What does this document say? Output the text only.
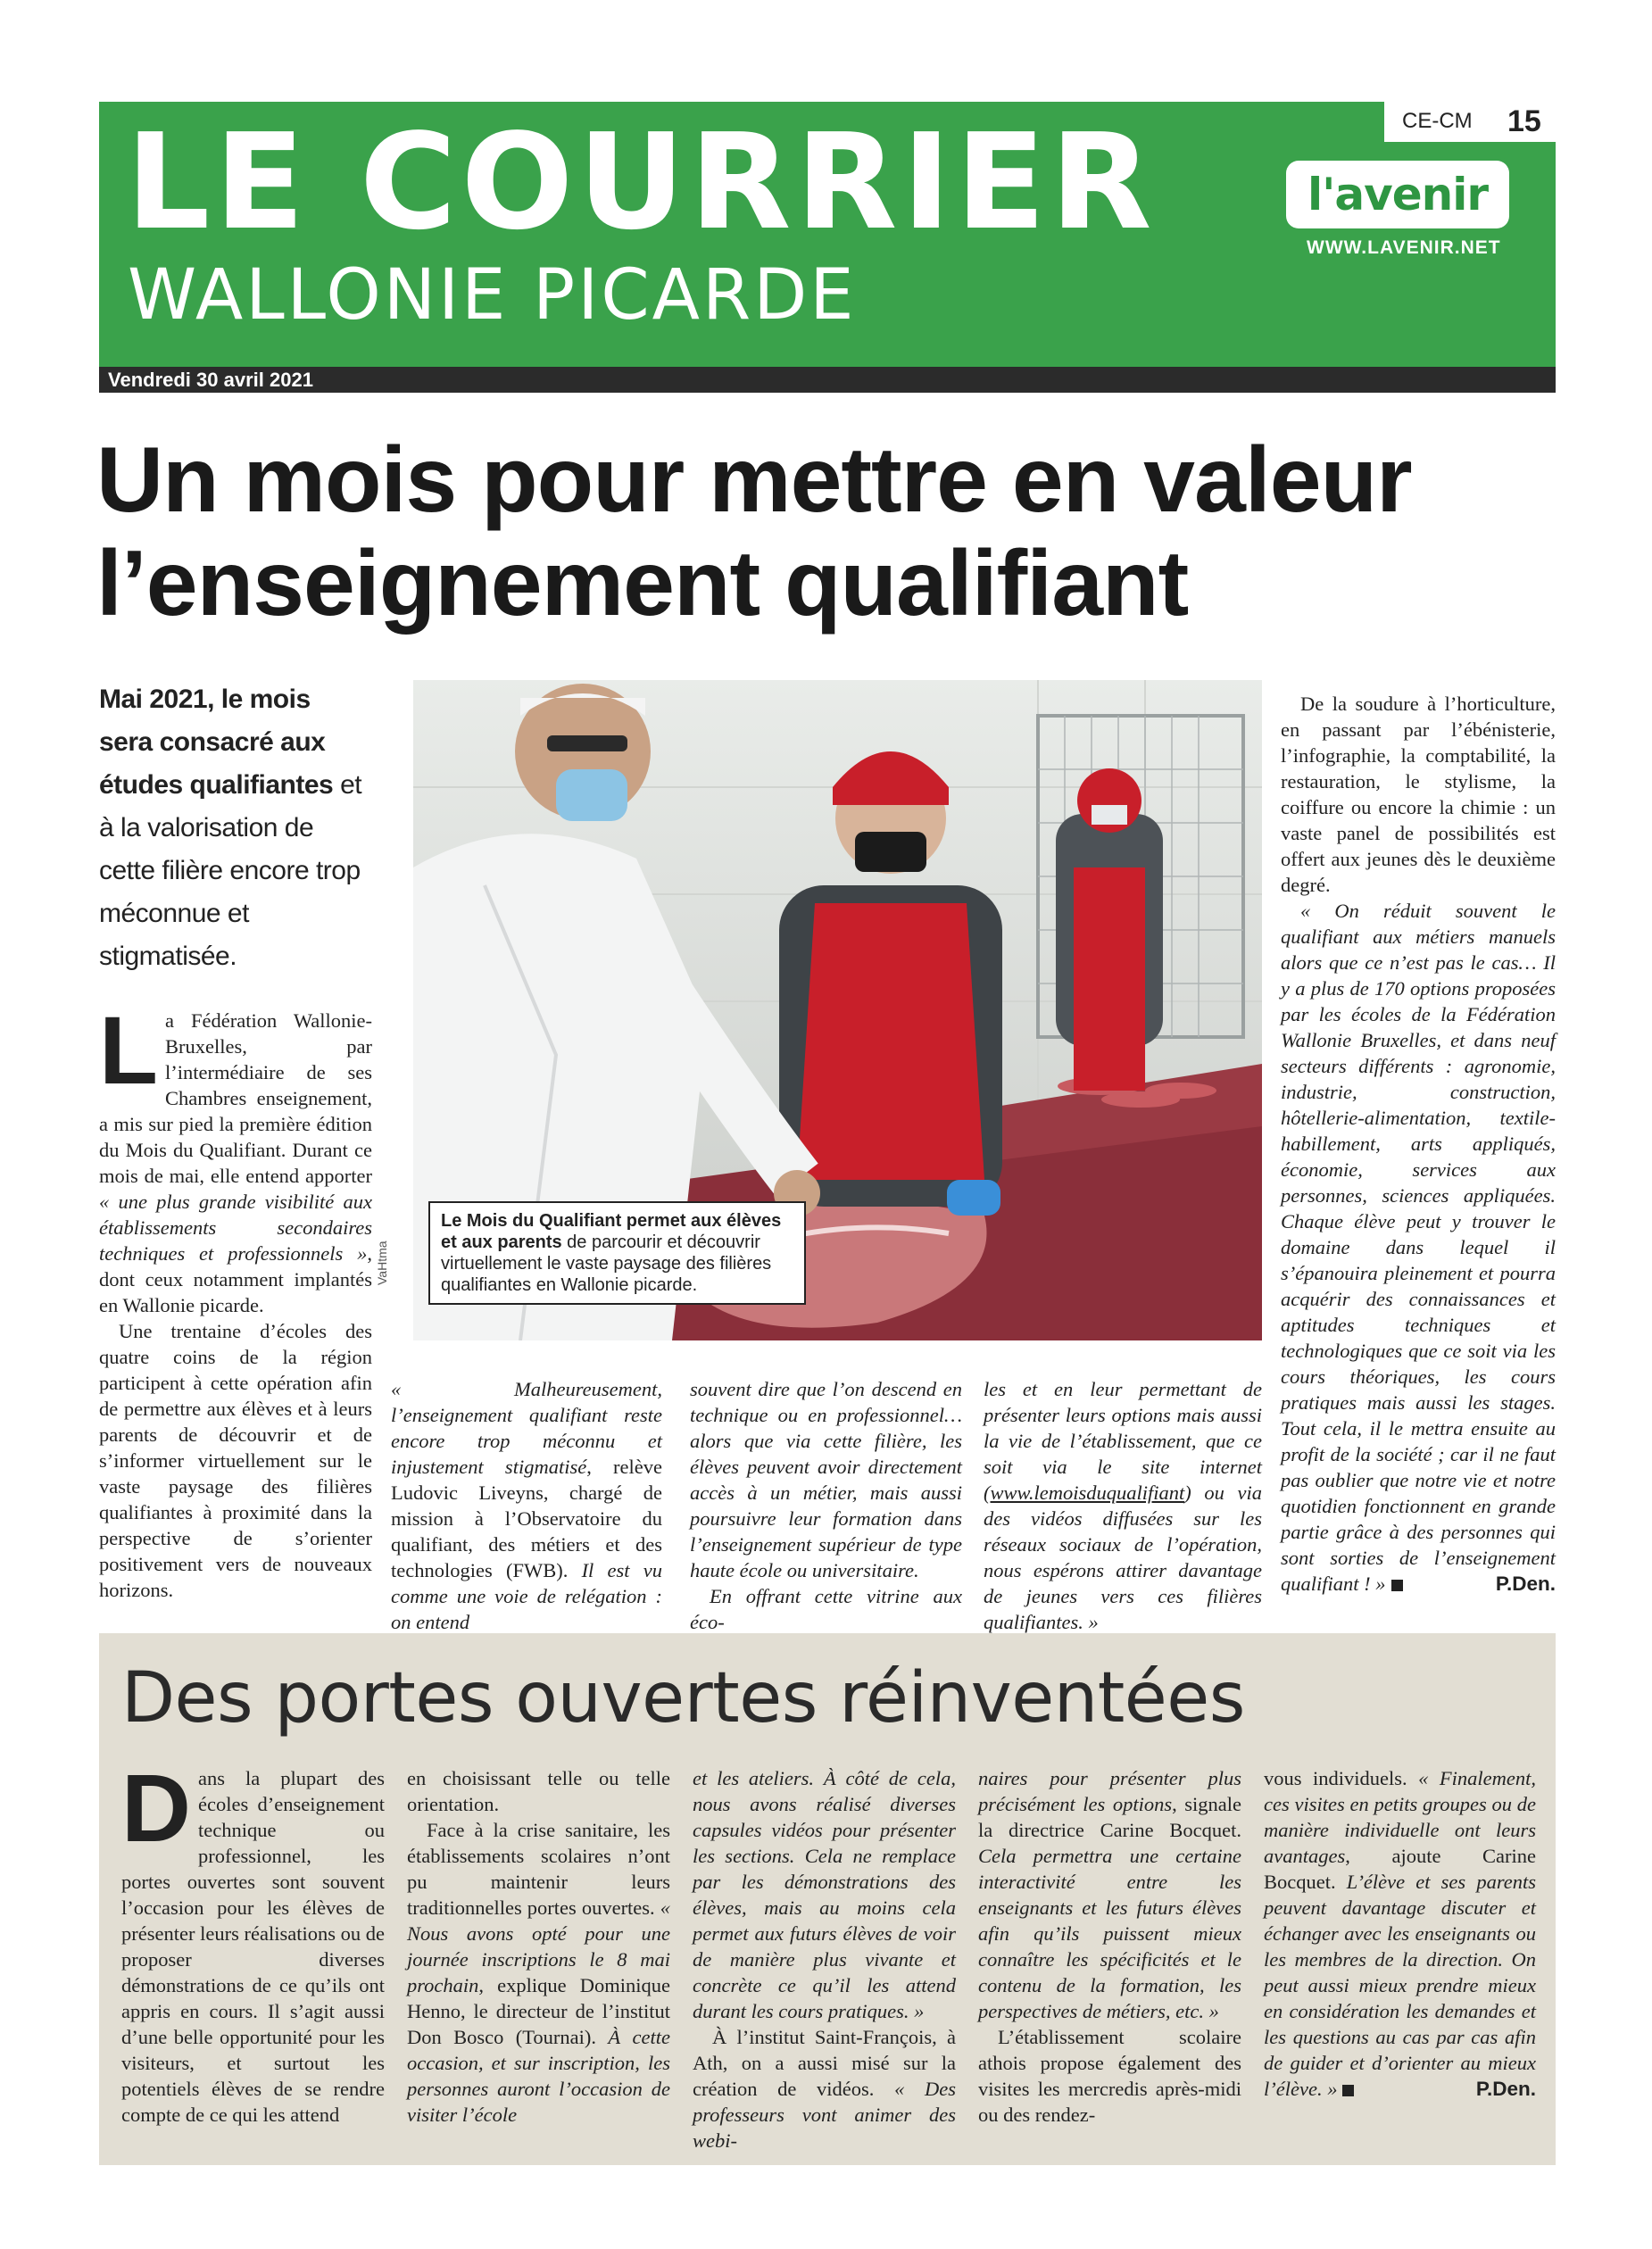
LE COURRIER
WALLONIE PICARDE
CE-CM 15
l'avenir
WWW.LAVENIR.NET
Vendredi 30 avril 2021
Un mois pour mettre en valeur
l’enseignement qualifiant

Mai 2021, le mois sera consacré aux études qualifiantes et à la valorisation de cette filière encore trop méconnue et stigmatisée.

La Fédération Wallonie-Bruxelles, par l’intermédiaire de ses Chambres enseignement, a mis sur pied la première édition du Mois du Qualifiant. Durant ce mois de mai, elle entend apporter « une plus grande visibilité aux établissements secondaires techniques et professionnels », dont ceux notamment implantés en Wallonie picarde.
Une trentaine d’écoles des quatre coins de la région participent à cette opération afin de permettre aux élèves et à leurs parents de découvrir et de s’informer virtuellement sur le vaste paysage des filières qualifiantes à proximité dans la perspective de s’orienter positivement vers de nouveaux horizons.
Le Mois du Qualifiant permet aux élèves et aux parents de parcourir et découvrir virtuellement le vaste paysage des filières qualifiantes en Wallonie picarde.
VaHtma
« Malheureusement, l’enseignement qualifiant reste encore trop méconnu et injustement stigmatisé, relève Ludovic Liveyns, chargé de mission à l’Observatoire du qualifiant, des métiers et des technologies (FWB). Il est vu comme une voie de relégation : on entend
souvent dire que l’on descend en technique ou en professionnel… alors que via cette filière, les élèves peuvent avoir directement accès à un métier, mais aussi poursuivre leur formation dans l’enseignement supérieur de type haute école ou universitaire.
En offrant cette vitrine aux éco-
les et en leur permettant de présenter leurs options mais aussi la vie de l’établissement, que ce soit via le site internet (www.lemoisduqualifiant) ou via des vidéos diffusées sur les réseaux sociaux de l’opération, nous espérons attirer davantage de jeunes vers ces filières qualifiantes. »
De la soudure à l’horticulture, en passant par l’ébénisterie, l’infographie, la comptabilité, la restauration, le stylisme, la coiffure ou encore la chimie : un vaste panel de possibilités est offert aux jeunes dès le deuxième degré.
« On réduit souvent le qualifiant aux métiers manuels alors que ce n’est pas le cas… Il y a plus de 170 options proposées par les écoles de la Fédération Wallonie Bruxelles, et dans neuf secteurs différents : agronomie, industrie, construction, hôtellerie-alimentation, textile-habillement, arts appliqués, économie, services aux personnes, sciences appliquées. Chaque élève peut y trouver le domaine dans lequel il s’épanouira pleinement et pourra acquérir des connaissances et aptitudes techniques et technologiques que ce soit via les cours théoriques, les cours pratiques mais aussi les stages. Tout cela, il le mettra ensuite au profit de la société ; car il ne faut pas oublier que notre vie et notre quotidien fonctionnent en grande partie grâce à des personnes qui sont sorties de l’enseignement qualifiant ! »	P.Den.
Des portes ouvertes réinventées
Dans la plupart des écoles d’enseignement technique ou professionnel, les portes ouvertes sont souvent l’occasion pour les élèves de présenter leurs réalisations ou de proposer diverses démonstrations de ce qu’ils ont appris en cours. Il s’agit aussi d’une belle opportunité pour les visiteurs, et surtout les potentiels élèves de se rendre compte de ce qui les attend
en choisissant telle ou telle orientation.
Face à la crise sanitaire, les établissements scolaires n’ont pu maintenir leurs traditionnelles portes ouvertes. « Nous avons opté pour une journée inscriptions le 8 mai prochain, explique Dominique Henno, le directeur de l’institut Don Bosco (Tournai). À cette occasion, et sur inscription, les personnes auront l’occasion de visiter l’école
et les ateliers. À côté de cela, nous avons réalisé diverses capsules vidéos pour présenter les sections. Cela ne remplace par les démonstrations des élèves, mais au moins cela permet aux futurs élèves de voir de manière plus vivante et concrète ce qu’il les attend durant les cours pratiques. »
À l’institut Saint-François, à Ath, on a aussi misé sur la création de vidéos. « Des professeurs vont animer des webi-
naires pour présenter plus précisément les options, signale la directrice Carine Bocquet. Cela permettra une certaine interactivité entre les enseignants et les futurs élèves afin qu’ils puissent mieux connaître les spécificités et le contenu de la formation, les perspectives de métiers, etc. »
L’établissement scolaire athois propose également des visites les mercredis après-midi ou des rendez-
vous individuels. « Finalement, ces visites en petits groupes ou de manière individuelle ont leurs avantages, ajoute Carine Bocquet. L’élève et ses parents peuvent davantage discuter et échanger avec les enseignants ou les membres de la direction. On peut aussi mieux prendre mieux en considération les demandes et les questions au cas par cas afin de guider et d’orienter au mieux l’élève. »	P.Den.
